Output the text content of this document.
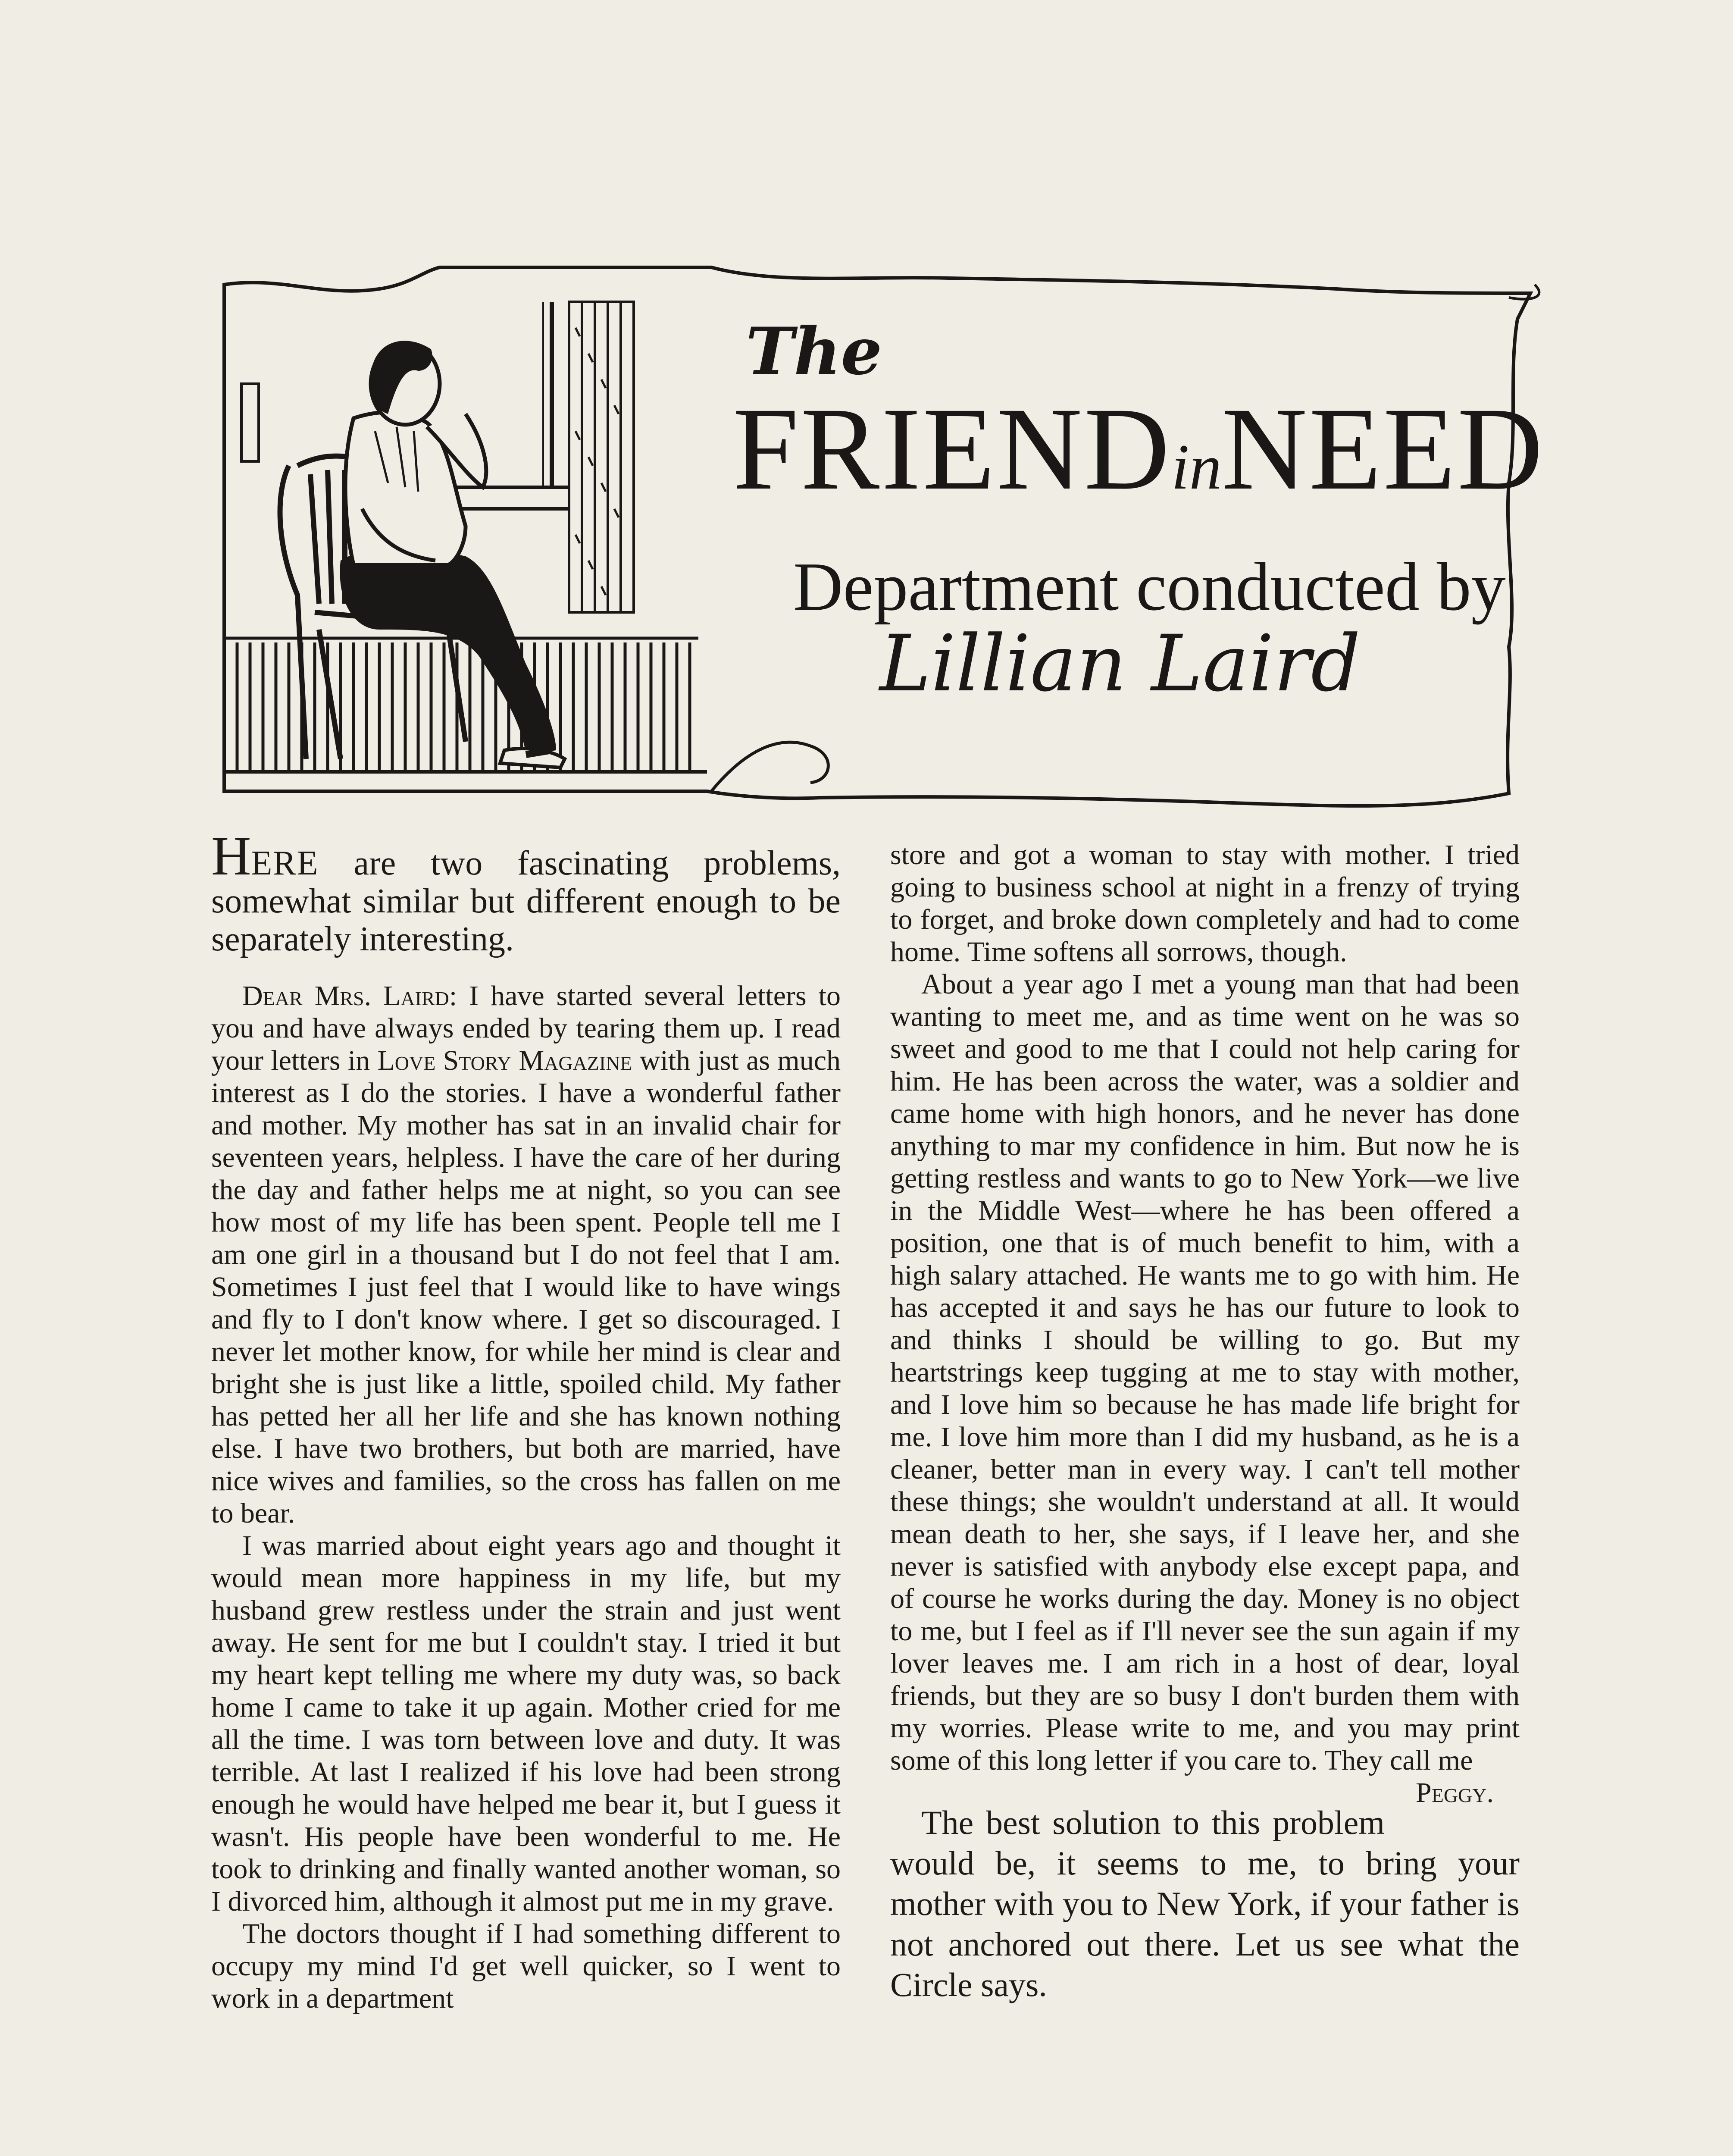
The
FRIENDinNEED
Department conducted by
Lillian Laird
HERE are two fascinating problems, somewhat similar but different enough to be separately interesting.

Dear Mrs. Laird: I have started several letters to you and have always ended by tearing them up. I read your letters in Love Story Magazine with just as much interest as I do the stories. I have a wonderful father and mother. My mother has sat in an invalid chair for seventeen years, helpless. I have the care of her during the day and father helps me at night, so you can see how most of my life has been spent. People tell me I am one girl in a thousand but I do not feel that I am. Sometimes I just feel that I would like to have wings and fly to I don't know where. I get so discouraged. I never let mother know, for while her mind is clear and bright she is just like a little, spoiled child. My father has petted her all her life and she has known nothing else. I have two brothers, but both are married, have nice wives and families, so the cross has fallen on me to bear.

I was married about eight years ago and thought it would mean more happiness in my life, but my husband grew restless under the strain and just went away. He sent for me but I couldn't stay. I tried it but my heart kept telling me where my duty was, so back home I came to take it up again. Mother cried for me all the time. I was torn between love and duty. It was terrible. At last I realized if his love had been strong enough he would have helped me bear it, but I guess it wasn't. His people have been wonderful to me. He took to drinking and finally wanted another woman, so I divorced him, although it almost put me in my grave.

The doctors thought if I had something different to occupy my mind I'd get well quicker, so I went to work in a department

store and got a woman to stay with mother. I tried going to business school at night in a frenzy of trying to forget, and broke down completely and had to come home. Time softens all sorrows, though.

About a year ago I met a young man that had been wanting to meet me, and as time went on he was so sweet and good to me that I could not help caring for him. He has been across the water, was a soldier and came home with high honors, and he never has done anything to mar my confidence in him. But now he is getting restless and wants to go to New York—we live in the Middle West—where he has been offered a position, one that is of much benefit to him, with a high salary attached. He wants me to go with him. He has accepted it and says he has our future to look to and thinks I should be willing to go. But my heartstrings keep tugging at me to stay with mother, and I love him so because he has made life bright for me. I love him more than I did my husband, as he is a cleaner, better man in every way. I can't tell mother these things; she wouldn't understand at all. It would mean death to her, she says, if I leave her, and she never is satisfied with anybody else except papa, and of course he works during the day. Money is no object to me, but I feel as if I'll never see the sun again if my lover leaves me. I am rich in a host of dear, loyal friends, but they are so busy I don't burden them with my worries. Please write to me, and you may print some of this long letter if you care to. They call me
Peggy.

The best solution to this problem would be, it seems to me, to bring your mother with you to New York, if your father is not anchored out there. Let us see what the Circle says.
